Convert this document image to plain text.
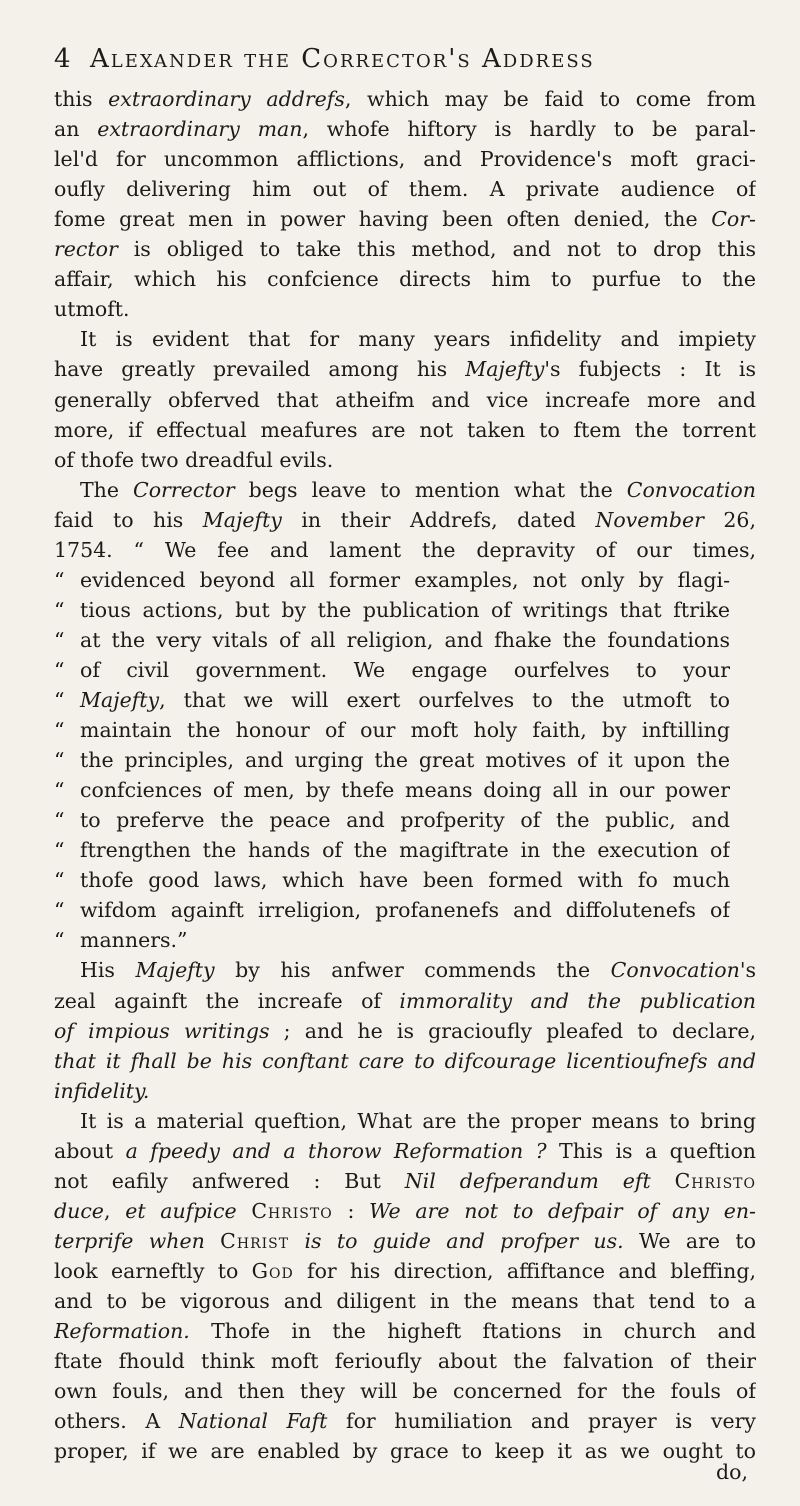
4 Alexander the Corrector's Address
this extraordinary addrefs, which may be faid to come from
an extraordinary man, whofe hiftory is hardly to be paral-
lel'd for uncommon afflictions, and Providence's moft graci-
oufly delivering him out of them. A private audience of
fome great men in power having been often denied, the Cor-
rector is obliged to take this method, and not to drop this
affair, which his confcience directs him to purfue to the
utmoft.
It is evident that for many years infidelity and impiety
have greatly prevailed among his Majefty's fubjects : It is
generally obferved that atheifm and vice increafe more and
more, if effectual meafures are not taken to ftem the torrent
of thofe two dreadful evils.
The Corrector begs leave to mention what the Convocation
faid to his Majefty in their Addrefs, dated November 26,
1754. “ We fee and lament the depravity of our times,
“ evidenced beyond all former examples, not only by flagi-
“ tious actions, but by the publication of writings that ftrike
“ at the very vitals of all religion, and fhake the foundations
“ of civil government. We engage ourfelves to your
“ Majefty, that we will exert ourfelves to the utmoft to
“ maintain the honour of our moft holy faith, by inftilling
“ the principles, and urging the great motives of it upon the
“ confciences of men, by thefe means doing all in our power
“ to preferve the peace and profperity of the public, and
“ ftrengthen the hands of the magiftrate in the execution of
“ thofe good laws, which have been formed with fo much
“ wifdom againft irreligion, profanenefs and diffolutenefs of
“ manners.”
His Majefty by his anfwer commends the Convocation's
zeal againft the increafe of immorality and the publication
of impious writings ; and he is gracioufly pleafed to declare,
that it fhall be his conftant care to difcourage licentioufnefs and
infidelity.
It is a material queftion, What are the proper means to bring
about a fpeedy and a thorow Reformation ? This is a queftion
not eafily anfwered : But Nil defperandum eft Christo
duce, et aufpice Christo : We are not to defpair of any en-
terprife when Christ is to guide and profper us. We are to
look earneftly to God for his direction, affiftance and bleffing,
and to be vigorous and diligent in the means that tend to a
Reformation. Thofe in the higheft ftations in church and
ftate fhould think moft ferioufly about the falvation of their
own fouls, and then they will be concerned for the fouls of
others. A National Faft for humiliation and prayer is very
proper, if we are enabled by grace to keep it as we ought to
do,
